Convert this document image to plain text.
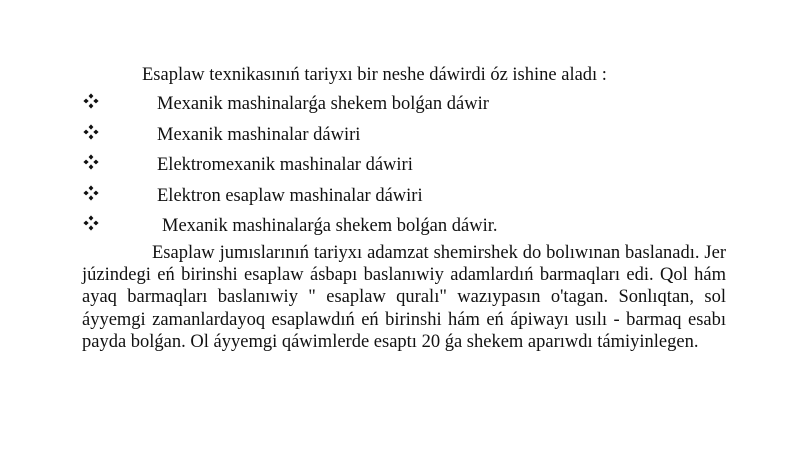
Esaplaw texnikasınıń tariyxı bir neshe dáwirdi óz ishine aladı :

Mexanik mashinalarǵa shekem bolǵan dáwir
Mexanik mashinalar dáwiri
Elektromexanik mashinalar dáwiri
Elektron esaplaw mashinalar dáwiri
Mexanik mashinalarǵa shekem bolǵan dáwir.

Esaplaw jumıslarınıń tariyxı adamzat shemirshek do bolıwınan baslanadı. Jer júzindegi eń birinshi esaplaw ásbapı baslanıwiy adamlardıń barmaqları edi. Qol hám ayaq barmaqları baslanıwiy " esaplaw quralı" wazıypasın o'tagan. Sonlıqtan, sol áyyemgi zamanlardayoq esaplawdıń eń birinshi hám eń ápiwayı usılı - barmaq esabı payda bolǵan. Ol áyyemgi qáwimlerde esaptı 20 ǵa shekem aparıwdı támiyinlegen.
